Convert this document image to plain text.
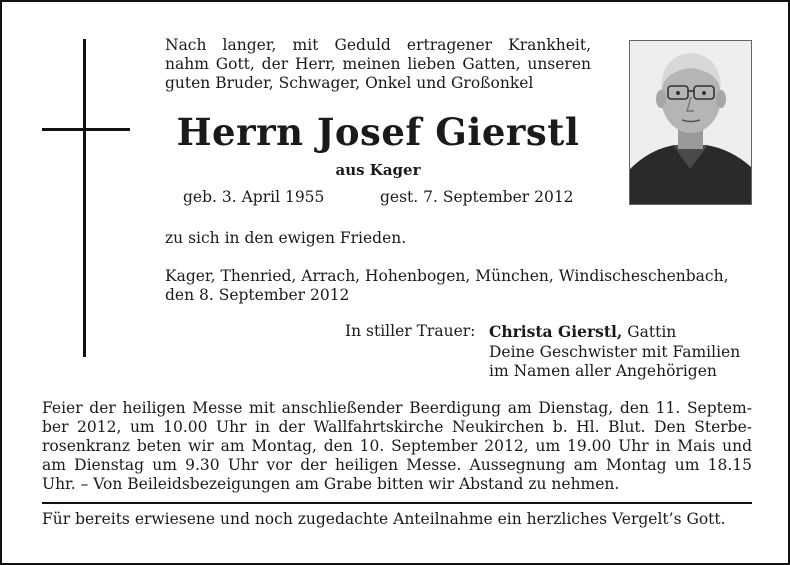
Nach langer, mit Geduld ertragener Krankheit,
nahm Gott, der Herr, meinen lieben Gatten, unseren
guten Bruder, Schwager, Onkel und Großonkel
Herrn Josef Gierstl
aus Kager
geb. 3. April 1955	gest. 7. September 2012
zu sich in den ewigen Frieden.
Kager, Thenried, Arrach, Hohenbogen, München, Windischeschenbach,
den 8. September 2012
In stiller Trauer: Christa Gierstl, Gattin
Deine Geschwister mit Familien
im Namen aller Angehörigen
Feier der heiligen Messe mit anschließender Beerdigung am Dienstag, den 11. Septem-
ber 2012, um 10.00 Uhr in der Wallfahrtskirche Neukirchen b. Hl. Blut. Den Sterbe-
rosenkranz beten wir am Montag, den 10. September 2012, um 19.00 Uhr in Mais und
am Dienstag um 9.30 Uhr vor der heiligen Messe. Aussegnung am Montag um 18.15
Uhr. – Von Beileidsbezeigungen am Grabe bitten wir Abstand zu nehmen.
Für bereits erwiesene und noch zugedachte Anteilnahme ein herzliches Vergelt’s Gott.
